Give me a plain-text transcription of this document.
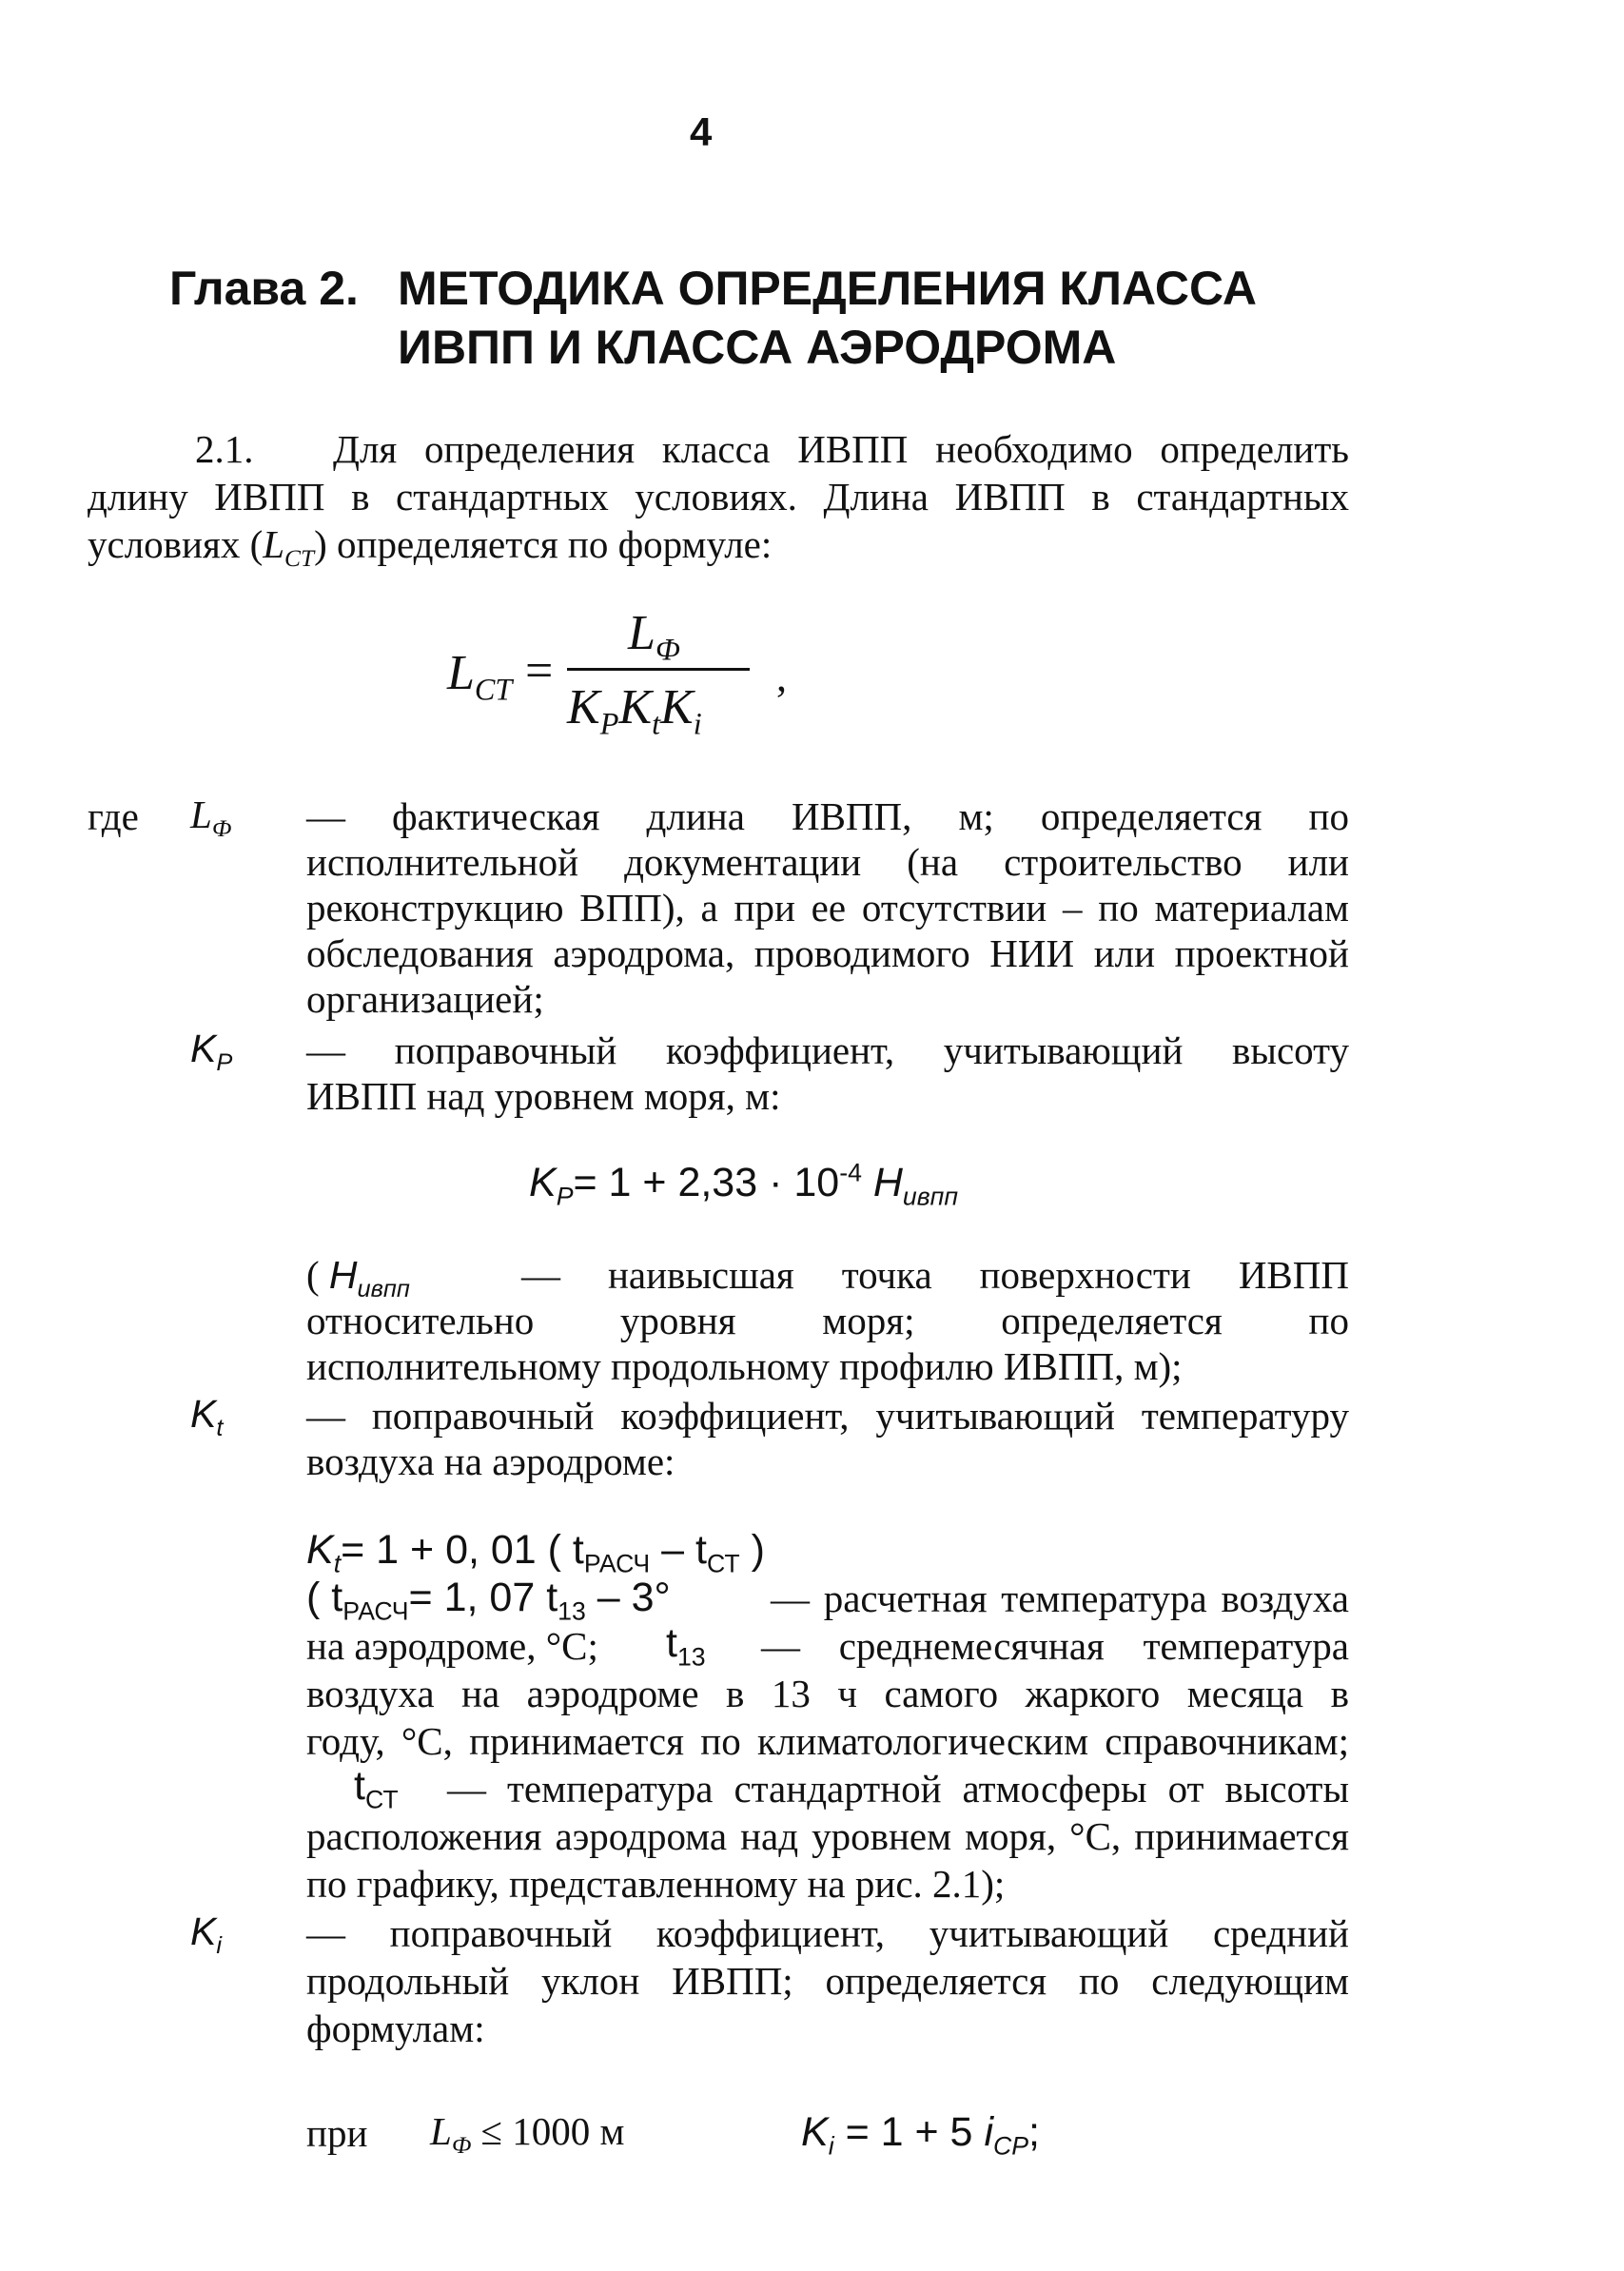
4
Глава 2. МЕТОДИКА ОПРЕДЕЛЕНИЯ КЛАССА
ИВПП И КЛАССА АЭРОДРОМА
2.1. Для определения класса ИВПП необходимо определить
длину ИВПП в стандартных условиях. Длина ИВПП в стандартных
условиях $(L_{СТ})$ определяется по формуле:
$L_{CT}$ =
$L_Ф$
$K_PK_tK_i$
,
где $L_Ф$ — фактическая длина ИВПП, м; определяется по
исполнительной документации (на строительство или
реконструкцию ВПП), а при ее отсутствии – по материалам
обследования аэродрома, проводимого НИИ или проектной
организацией;
$K_P$ — поправочный коэффициент, учитывающий высоту
ИВПП над уровнем моря, м:
$K_P= 1 + 2,33 \cdot 10^{-4}$ $H_{ивпп}$
( $H_{ивпп}$	— наивысшая точка поверхности ИВПП
относительно уровня моря; определяется по
исполнительному продольному профилю ИВПП, м);
$K_t$ — поправочный коэффициент, учитывающий температуру
воздуха на аэродроме:
$K_t= 1 + 0$, 01 ( $t_{РАСЧ} - t_{СТ}$ )
( $t_{РАСЧ}= 1$, 07 $t_{13} - 3^\circ$	— расчетная температура воздуха
на аэродроме, °С; $t_{13}$ — среднемесячная температура
воздуха на аэродроме в 13 ч самого жаркого месяца в
году, °С, принимается по климатологическим справочникам;
$t_{СТ}$ — температура стандартной атмосферы от высоты
расположения аэродрома над уровнем моря, °С, принимается
по графику, представленному на рис. 2.1);
$K_i$ — поправочный коэффициент, учитывающий средний
продольный уклон ИВПП; определяется по следующим
формулам:
при $L_Ф \le 1000$ м	$K_i = 1 + 5$ $i_{СР}$;
